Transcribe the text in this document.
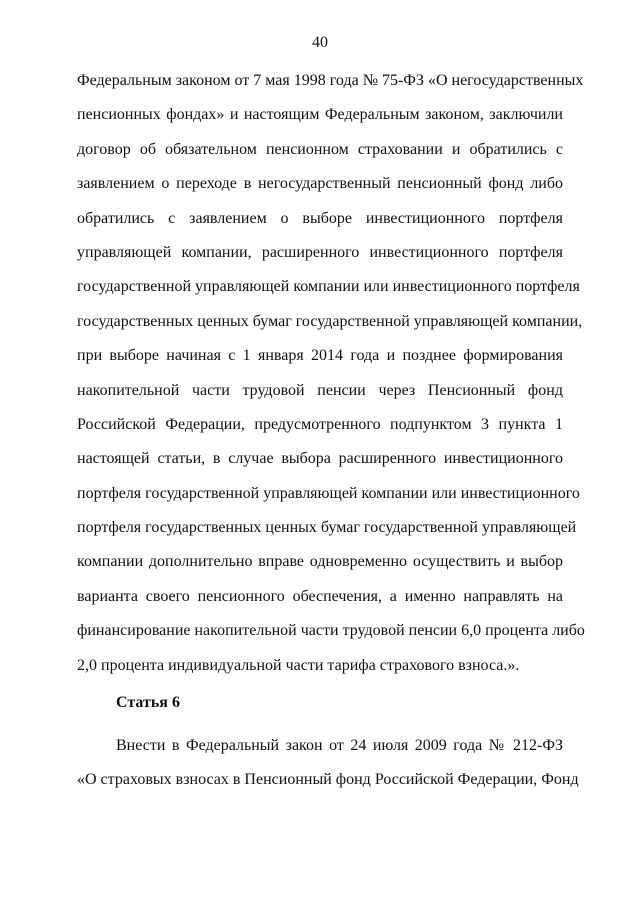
40
Федеральным законом от 7 мая 1998 года № 75-ФЗ «О негосударственных
пенсионных фондах» и настоящим Федеральным законом, заключили
договор об обязательном пенсионном страховании и обратились с
заявлением о переходе в негосударственный пенсионный фонд либо
обратились с заявлением о выборе инвестиционного портфеля
управляющей компании, расширенного инвестиционного портфеля
государственной управляющей компании или инвестиционного портфеля
государственных ценных бумаг государственной управляющей компании,
при выборе начиная с 1 января 2014 года и позднее формирования
накопительной части трудовой пенсии через Пенсионный фонд
Российской Федерации, предусмотренного подпунктом 3 пункта 1
настоящей статьи, в случае выбора расширенного инвестиционного
портфеля государственной управляющей компании или инвестиционного
портфеля государственных ценных бумаг государственной управляющей
компании дополнительно вправе одновременно осуществить и выбор
варианта своего пенсионного обеспечения, а именно направлять на
финансирование накопительной части трудовой пенсии 6,0 процента либо
2,0 процента индивидуальной части тарифа страхового взноса.».
Статья 6
Внести в Федеральный закон от 24 июля 2009 года № 212-ФЗ
«О страховых взносах в Пенсионный фонд Российской Федерации, Фонд
